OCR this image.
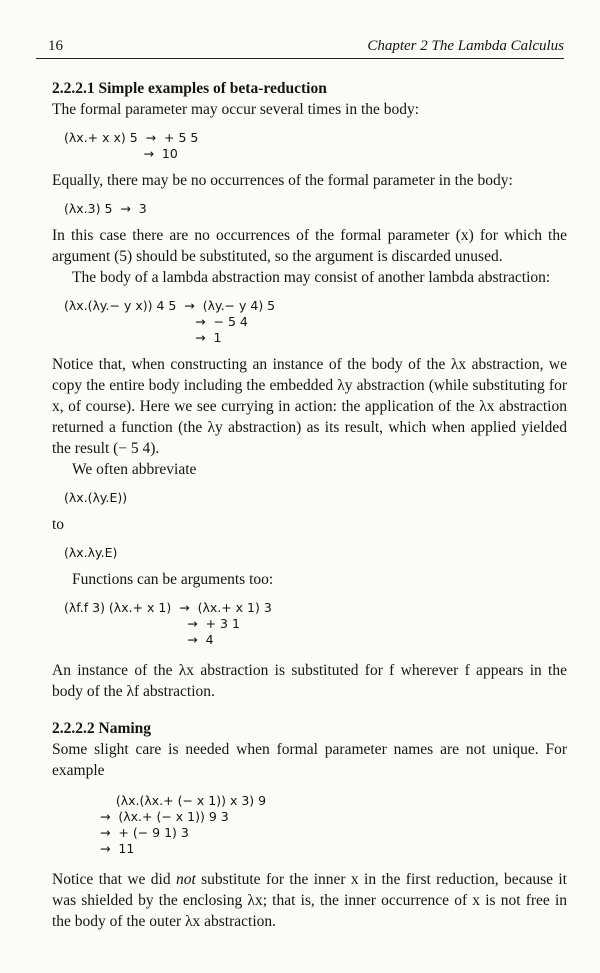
16	Chapter 2 The Lambda Calculus

2.2.2.1 Simple examples of beta-reduction

The formal parameter may occur several times in the body:

(λx.+ x x) 5  →  + 5 5
→  10

Equally, there may be no occurrences of the formal parameter in the body:

(λx.3) 5  →  3

In this case there are no occurrences of the formal parameter (x) for which the argument (5) should be substituted, so the argument is discarded unused.

The body of a lambda abstraction may consist of another lambda abstraction:

(λx.(λy.− y x)) 4 5  →  (λy.− y 4) 5
→  − 5 4
→  1

Notice that, when constructing an instance of the body of the λx abstraction, we copy the entire body including the embedded λy abstraction (while substituting for x, of course). Here we see currying in action: the application of the λx abstraction returned a function (the λy abstraction) as its result, which when applied yielded the result (− 5 4).

We often abbreviate

(λx.(λy.E))

to

(λx.λy.E)

Functions can be arguments too:

(λf.f 3) (λx.+ x 1)  →  (λx.+ x 1) 3
→  + 3 1
→  4

An instance of the λx abstraction is substituted for f wherever f appears in the body of the λf abstraction.

2.2.2.2 Naming

Some slight care is needed when formal parameter names are not unique. For example

(λx.(λx.+ (− x 1)) x 3) 9
→  (λx.+ (− x 1)) 9 3
→  + (− 9 1) 3
→  11

Notice that we did not substitute for the inner x in the first reduction, because it was shielded by the enclosing λx; that is, the inner occurrence of x is not free in the body of the outer λx abstraction.
